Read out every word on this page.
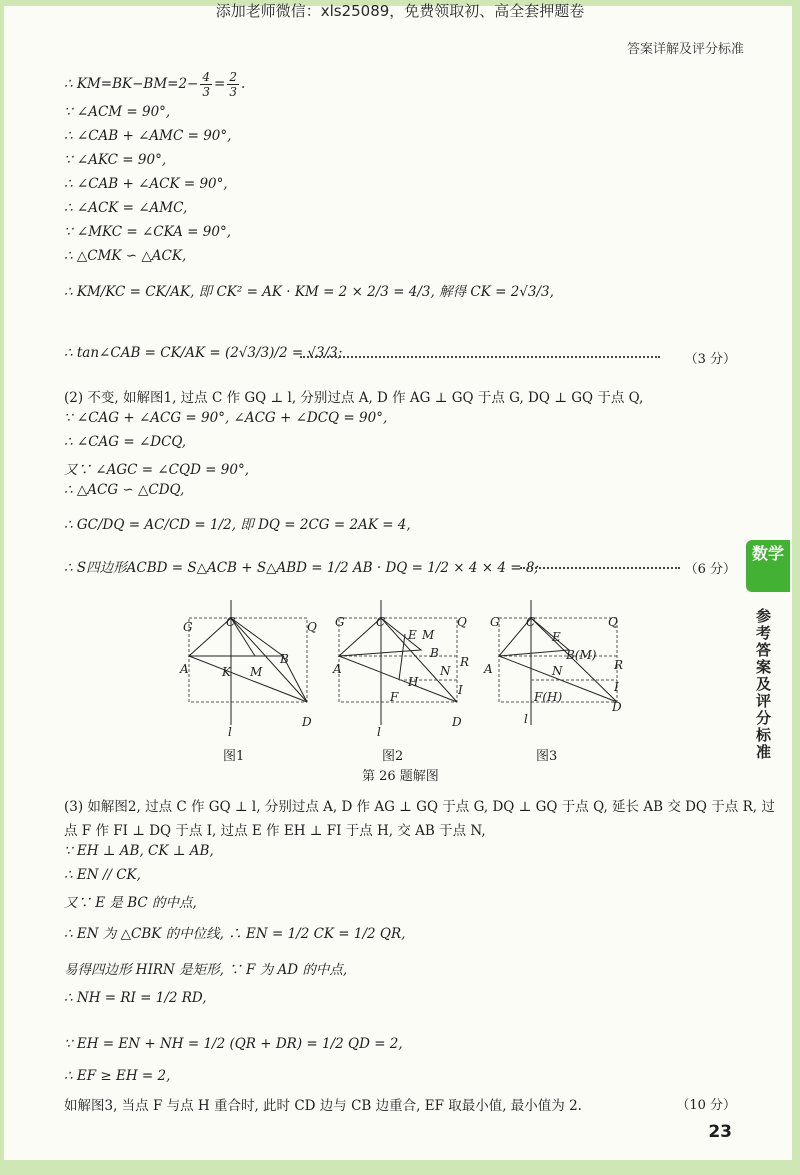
添加老师微信：xls25089，免费领取初、高全套押题卷
答案详解及评分标准
∴ $KM=BK-BM=2- \frac{4}{3} = \frac{2}{3}$ .
∵ ∠ACM = 90°,
∴ ∠CAB + ∠AMC = 90°,
∵ ∠AKC = 90°,
∴ ∠CAB + ∠ACK = 90°,
∴ ∠ACK = ∠AMC,
∵ ∠MKC = ∠CKA = 90°,
∴ △CMK ∽ △ACK,
∴ KM/KC = CK/AK, 即 CK² = AK · KM = 2 × 2/3 = 4/3, 解得 CK = 2√3/3,
∴ tan∠CAB = CK/AK = (2√3/3)/2 = √3/3;	（3 分）
(2) 不变, 如解图1, 过点 C 作 GQ ⊥ l, 分别过点 A, D 作 AG ⊥ GQ 于点 G, DQ ⊥ GQ 于点 Q,
∵ ∠CAG + ∠ACG = 90°, ∠ACG + ∠DCQ = 90°,
∴ ∠CAG = ∠DCQ,
又∵ ∠AGC = ∠CQD = 90°,
∴ △ACG ∽ △CDQ,
∴ GC/DQ = AC/CD = 1/2, 即 DQ = 2CG = 2AK = 4,
∴ S四边形ACBD = S△ACB + S△ABD = 1/2 AB · DQ = 1/2 × 4 × 4 = 8;	（6 分）
图1	图2	图3
第 26 题解图
(3) 如解图2, 过点 C 作 GQ ⊥ l, 分别过点 A, D 作 AG ⊥ GQ 于点 G, DQ ⊥ GQ 于点 Q, 延长 AB 交 DQ 于点 R, 过
点 F 作 FI ⊥ DQ 于点 I, 过点 E 作 EH ⊥ FI 于点 H, 交 AB 于点 N,
∵ EH ⊥ AB, CK ⊥ AB,
∴ EN // CK,
又∵ E 是 BC 的中点,
∴ EN 为 △CBK 的中位线, ∴ EN = 1/2 CK = 1/2 QR,
易得四边形 HIRN 是矩形, ∵ F 为 AD 的中点,
∴ NH = RI = 1/2 RD,
∵ EH = EN + NH = 1/2 (QR + DR) = 1/2 QD = 2,
∴ EF ≥ EH = 2,
如解图3, 当点 F 与点 H 重合时, 此时 CD 边与 CB 边重合, EF 取最小值, 最小值为 2.	（10 分）
数学
参考答案及评分标准
23
G	C	Q
A	K M
B
l
D
G	C	Q
E M
B
A	N
R
H
I
F
l
D
G C	Q
E
B(M)
R
A	N
I
F(H)
l
D
